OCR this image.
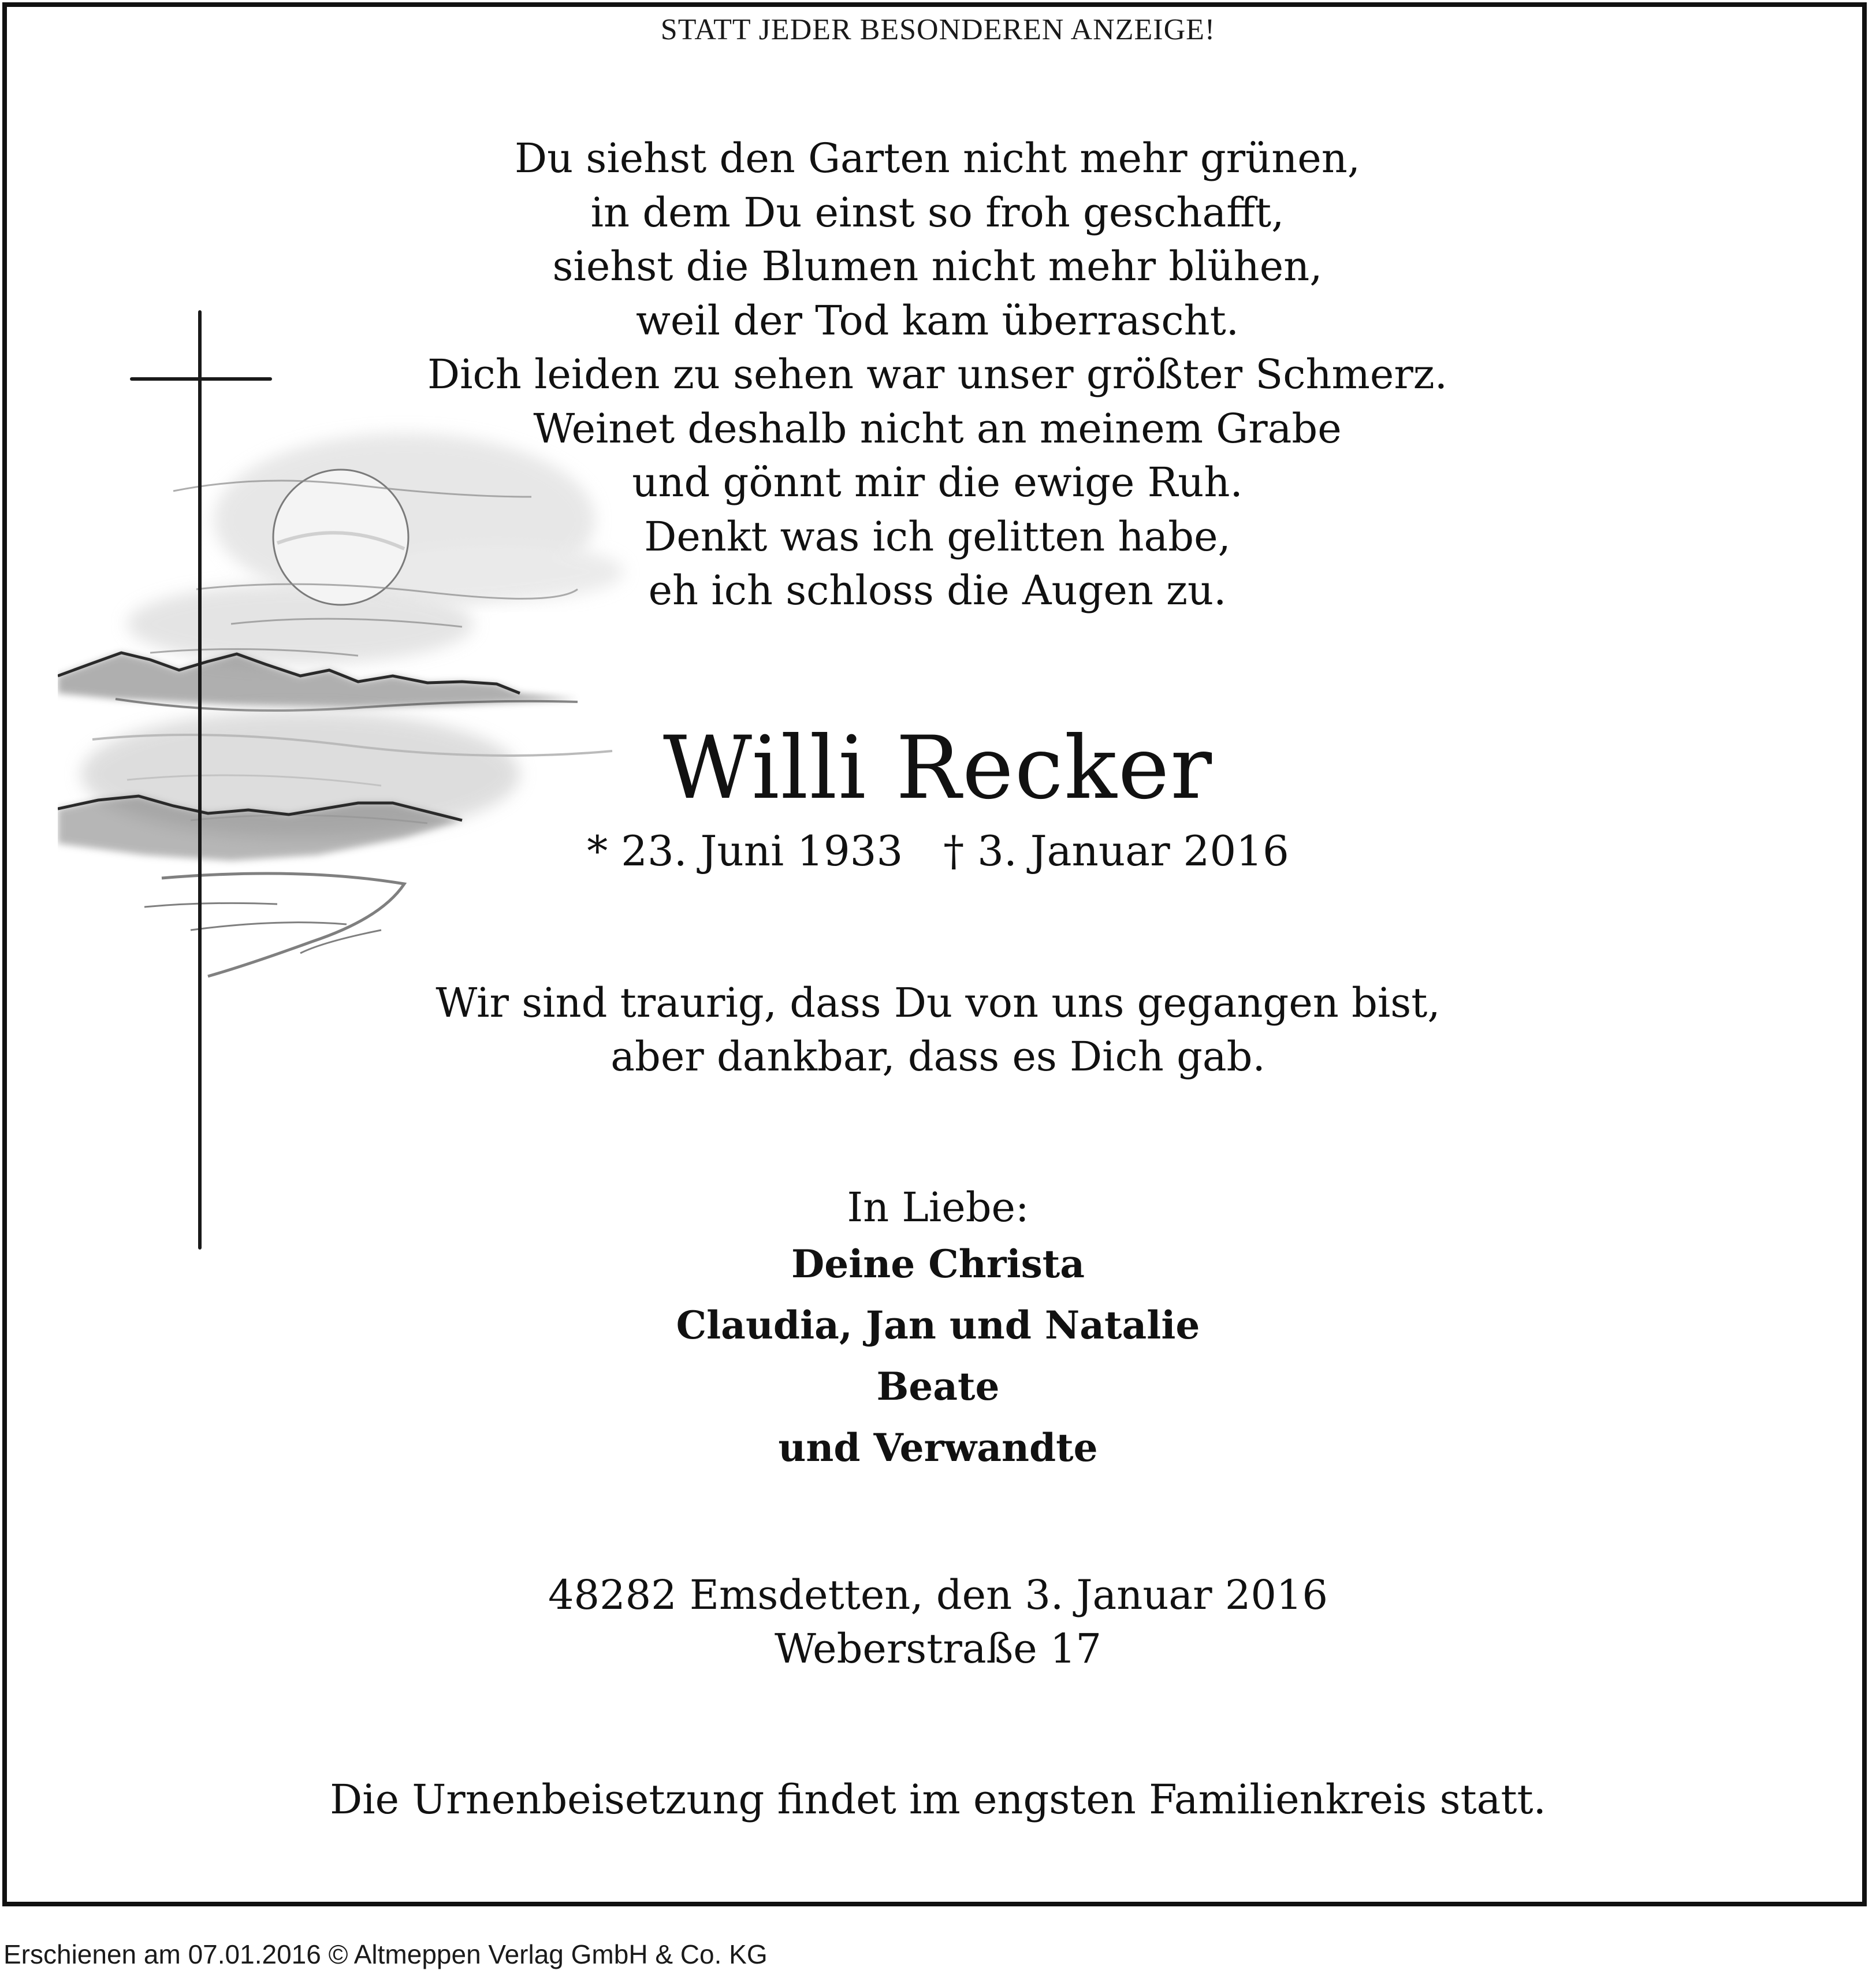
STATT JEDER BESONDEREN ANZEIGE!
Du siehst den Garten nicht mehr grünen,
in dem Du einst so froh geschafft,
siehst die Blumen nicht mehr blühen,
weil der Tod kam überrascht.
Dich leiden zu sehen war unser größter Schmerz.
Weinet deshalb nicht an meinem Grabe
und gönnt mir die ewige Ruh.
Denkt was ich gelitten habe,
eh ich schloss die Augen zu.
Willi Recker
* 23. Juni 1933 † 3. Januar 2016
Wir sind traurig, dass Du von uns gegangen bist,
aber dankbar, dass es Dich gab.
In Liebe:
Deine Christa
Claudia, Jan und Natalie
Beate
und Verwandte
48282 Emsdetten, den 3. Januar 2016
Weberstraße 17
Die Urnenbeisetzung findet im engsten Familienkreis statt.
Erschienen am 07.01.2016 © Altmeppen Verlag GmbH & Co. KG
